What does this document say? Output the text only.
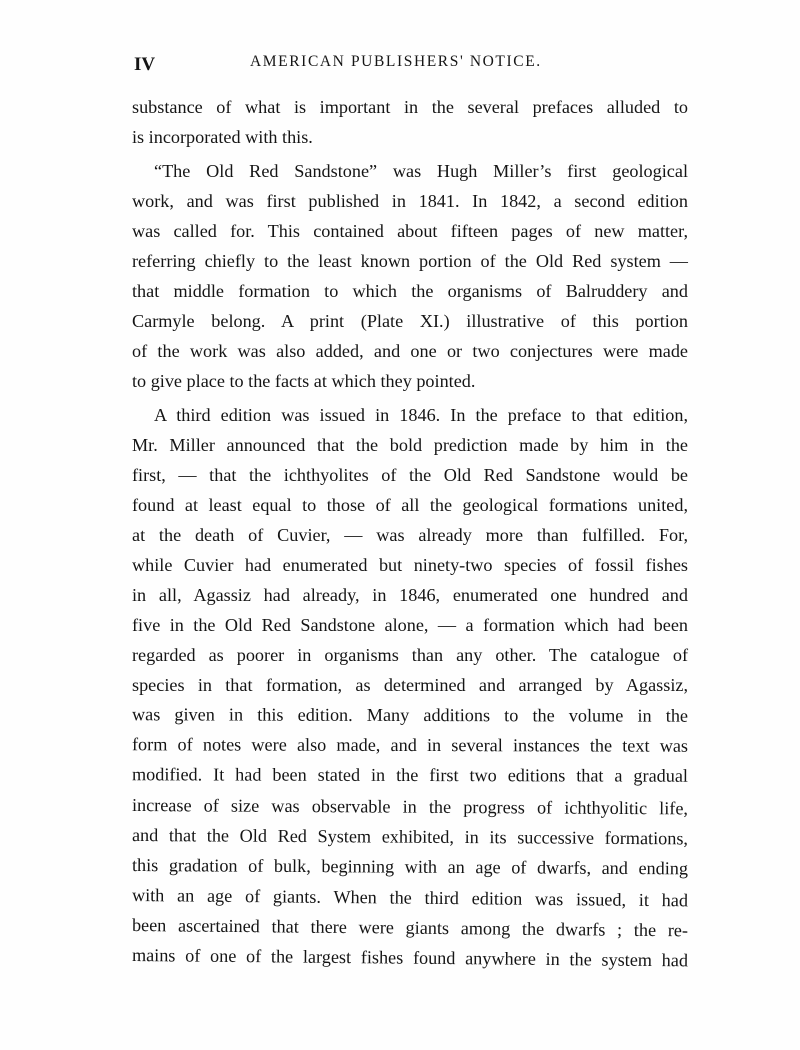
IV	AMERICAN PUBLISHERS' NOTICE.
substance of what is important in the several prefaces alluded to
is incorporated with this.
“The Old Red Sandstone” was Hugh Miller’s first geological
work, and was first published in 1841. In 1842, a second edition
was called for. This contained about fifteen pages of new matter,
referring chiefly to the least known portion of the Old Red system —
that middle formation to which the organisms of Balruddery and
Carmyle belong. A print (Plate XI.) illustrative of this portion
of the work was also added, and one or two conjectures were made
to give place to the facts at which they pointed.
A third edition was issued in 1846. In the preface to that edition,
Mr. Miller announced that the bold prediction made by him in the
first, — that the ichthyolites of the Old Red Sandstone would be
found at least equal to those of all the geological formations united,
at the death of Cuvier, — was already more than fulfilled. For,
while Cuvier had enumerated but ninety-two species of fossil fishes
in all, Agassiz had already, in 1846, enumerated one hundred and
five in the Old Red Sandstone alone, — a formation which had been
regarded as poorer in organisms than any other. The catalogue of
species in that formation, as determined and arranged by Agassiz,
was given in this edition. Many additions to the volume in the
form of notes were also made, and in several instances the text was
modified. It had been stated in the first two editions that a gradual
increase of size was observable in the progress of ichthyolitic life,
and that the Old Red System exhibited, in its successive formations,
this gradation of bulk, beginning with an age of dwarfs, and ending
with an age of giants. When the third edition was issued, it had
been ascertained that there were giants among the dwarfs ; the re-
mains of one of the largest fishes found anywhere in the system had
